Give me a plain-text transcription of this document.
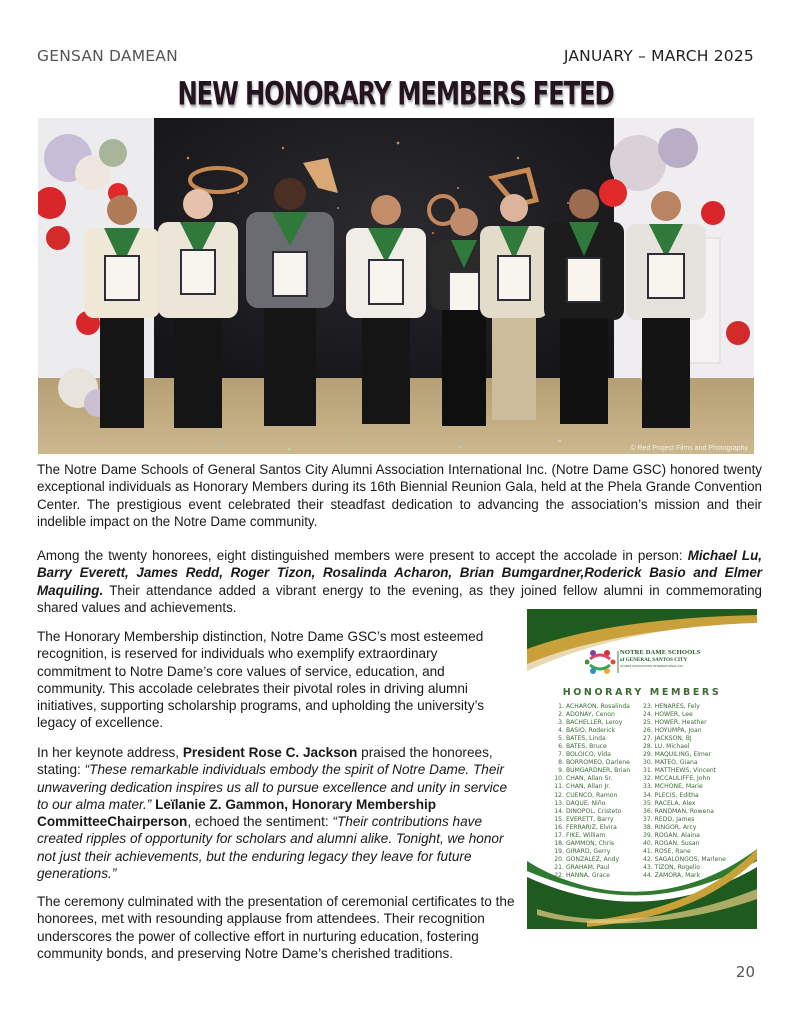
GENSAN DAMEAN	JANUARY – MARCH 2025
NEW HONORARY MEMBERS FETED
© Red Project Films and Photography

The Notre Dame Schools of General Santos City Alumni Association International Inc. (Notre Dame GSC) honored twenty exceptional individuals as Honorary Members during its 16th Biennial Reunion Gala, held at the Phela Grande Convention Center. The prestigious event celebrated their steadfast dedication to advancing the association’s mission and their indelible impact on the Notre Dame community.

Among the twenty honorees, eight distinguished members were present to accept the accolade in person: Michael Lu, Barry Everett, James Redd, Roger Tizon, Rosalinda Acharon, Brian Bumgardner,Roderick Basio and Elmer Maquiling. Their attendance added a vibrant energy to the evening, as they joined fellow alumni in commemorating shared values and achievements.

The Honorary Membership distinction, Notre Dame GSC’s most esteemed recognition, is reserved for individuals who exemplify extraordinary commitment to Notre Dame’s core values of service, education, and community. This accolade celebrates their pivotal roles in driving alumni initiatives, supporting scholarship programs, and upholding the university’s legacy of excellence.

In her keynote address, President Rose C. Jackson praised the honorees, stating: “These remarkable individuals embody the spirit of Notre Dame. Their unwavering dedication inspires us all to pursue excellence and unity in service to our alma mater.” Leïlanie Z. Gammon, Honorary Membership CommitteeChairperson, echoed the sentiment: “Their contributions have created ripples of opportunity for scholars and alumni alike. Tonight, we honor not just their achievements, but the enduring legacy they leave for future generations.”

The ceremony culminated with the presentation of ceremonial certificates to the honorees, met with resounding applause from attendees. Their recognition underscores the power of collective effort in nurturing education, fostering community bonds, and preserving Notre Dame’s cherished traditions.

NOTRE DAME SCHOOLS
of GENERAL SANTOS CITY
ALUMNI ASSOCIATION INTERNATIONAL INC.
HONORARY MEMBERS
1. ACHARON, Rosalinda
2. ADONAY, Cenon
3. BACHELLER, Leroy
4. BASIO, Roderick
5. BATES, Linda
6. BATES, Bruce
7. BOLOICO, Vida
8. BORROMEO, Darlene
9. BUMGARDNER, Brian
10. CHAN, Allan Sr.
11. CHAN, Allan Jr.
12. CUENCO, Ramon
13. DAQUE, Niño
14. DINOPOL, Cristeto
15. EVERETT, Barry
16. FERRARIZ, Elvira
17. FIKE, William
18. GAMMON, Chris
19. GIRARD, Gerry
20. GONZALEZ, Andy
21. GRAHAM, Paul
22. HANNA, Grace
23. HENARES, Fely
24. HOWER, Lee
25. HOWER, Heather
26. HOYUMPA, Joan
27. JACKSON, BJ
28. LU, Michael
29. MAQUILING, Elmer
30. MATEO, Giana
31. MATTHEWS, Vincent
32. MCCAULIFFE, John
33. MCHONE, Marie
34. PLECIS, Editha
35. RACELA, Alex
36. RANDMAN, Rowena
37. REDO, James
38. RINGOR, Arcy
39. ROGAN, Alaina
40. ROGAN, Susan
41. ROSE, Rane
42. SAGALONGOS, Marlene
43. TIZON, Rogelio
44. ZAMORA, Mark
20
